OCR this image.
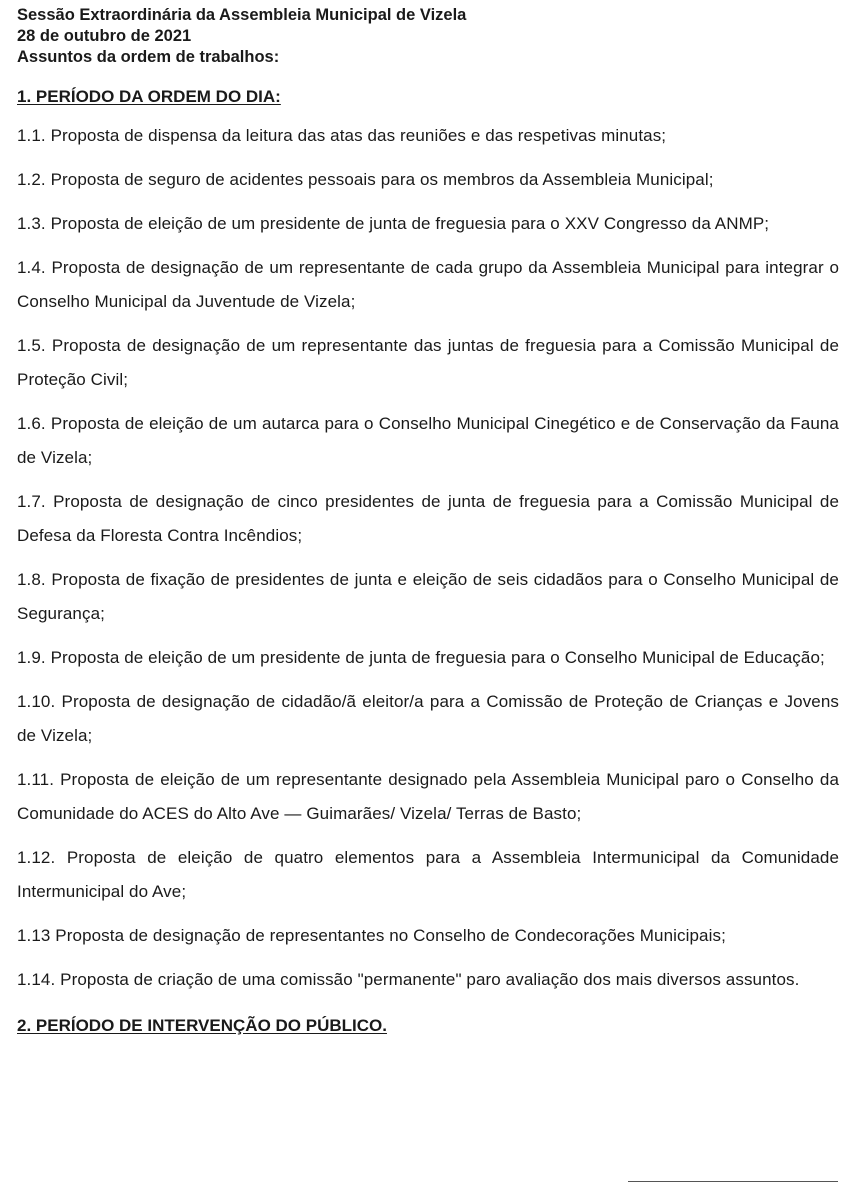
Sessão Extraordinária da Assembleia Municipal de Vizela

28 de outubro de 2021

Assuntos da ordem de trabalhos:

1. PERÍODO DA ORDEM DO DIA:

1.1. Proposta de dispensa da leitura das atas das reuniões e das respetivas minutas;

1.2. Proposta de seguro de acidentes pessoais para os membros da Assembleia Municipal;

1.3. Proposta de eleição de um presidente de junta de freguesia para o XXV Congresso da ANMP;

1.4. Proposta de designação de um representante de cada grupo da Assembleia Municipal para integrar o Conselho Municipal da Juventude de Vizela;

1.5. Proposta de designação de um representante das juntas de freguesia para a Comissão Municipal de Proteção Civil;

1.6. Proposta de eleição de um autarca para o Conselho Municipal Cinegético e de Conservação da Fauna de Vizela;

1.7. Proposta de designação de cinco presidentes de junta de freguesia para a Comissão Municipal de Defesa da Floresta Contra Incêndios;

1.8. Proposta de fixação de presidentes de junta e eleição de seis cidadãos para o Conselho Municipal de Segurança;

1.9. Proposta de eleição de um presidente de junta de freguesia para o Conselho Municipal de Educação;

1.10. Proposta de designação de cidadão/ã eleitor/a para a Comissão de Proteção de Crianças e Jovens de Vizela;

1.11. Proposta de eleição de um representante designado pela Assembleia Municipal paro o Conselho da Comunidade do ACES do Alto Ave — Guimarães/ Vizela/ Terras de Basto;

1.12. Proposta de eleição de quatro elementos para a Assembleia Intermunicipal da Comunidade Intermunicipal do Ave;

1.13 Proposta de designação de representantes no Conselho de Condecorações Municipais;

1.14. Proposta de criação de uma comissão "permanente" paro avaliação dos mais diversos assuntos.

2. PERÍODO DE INTERVENÇÃO DO PÚBLICO.
